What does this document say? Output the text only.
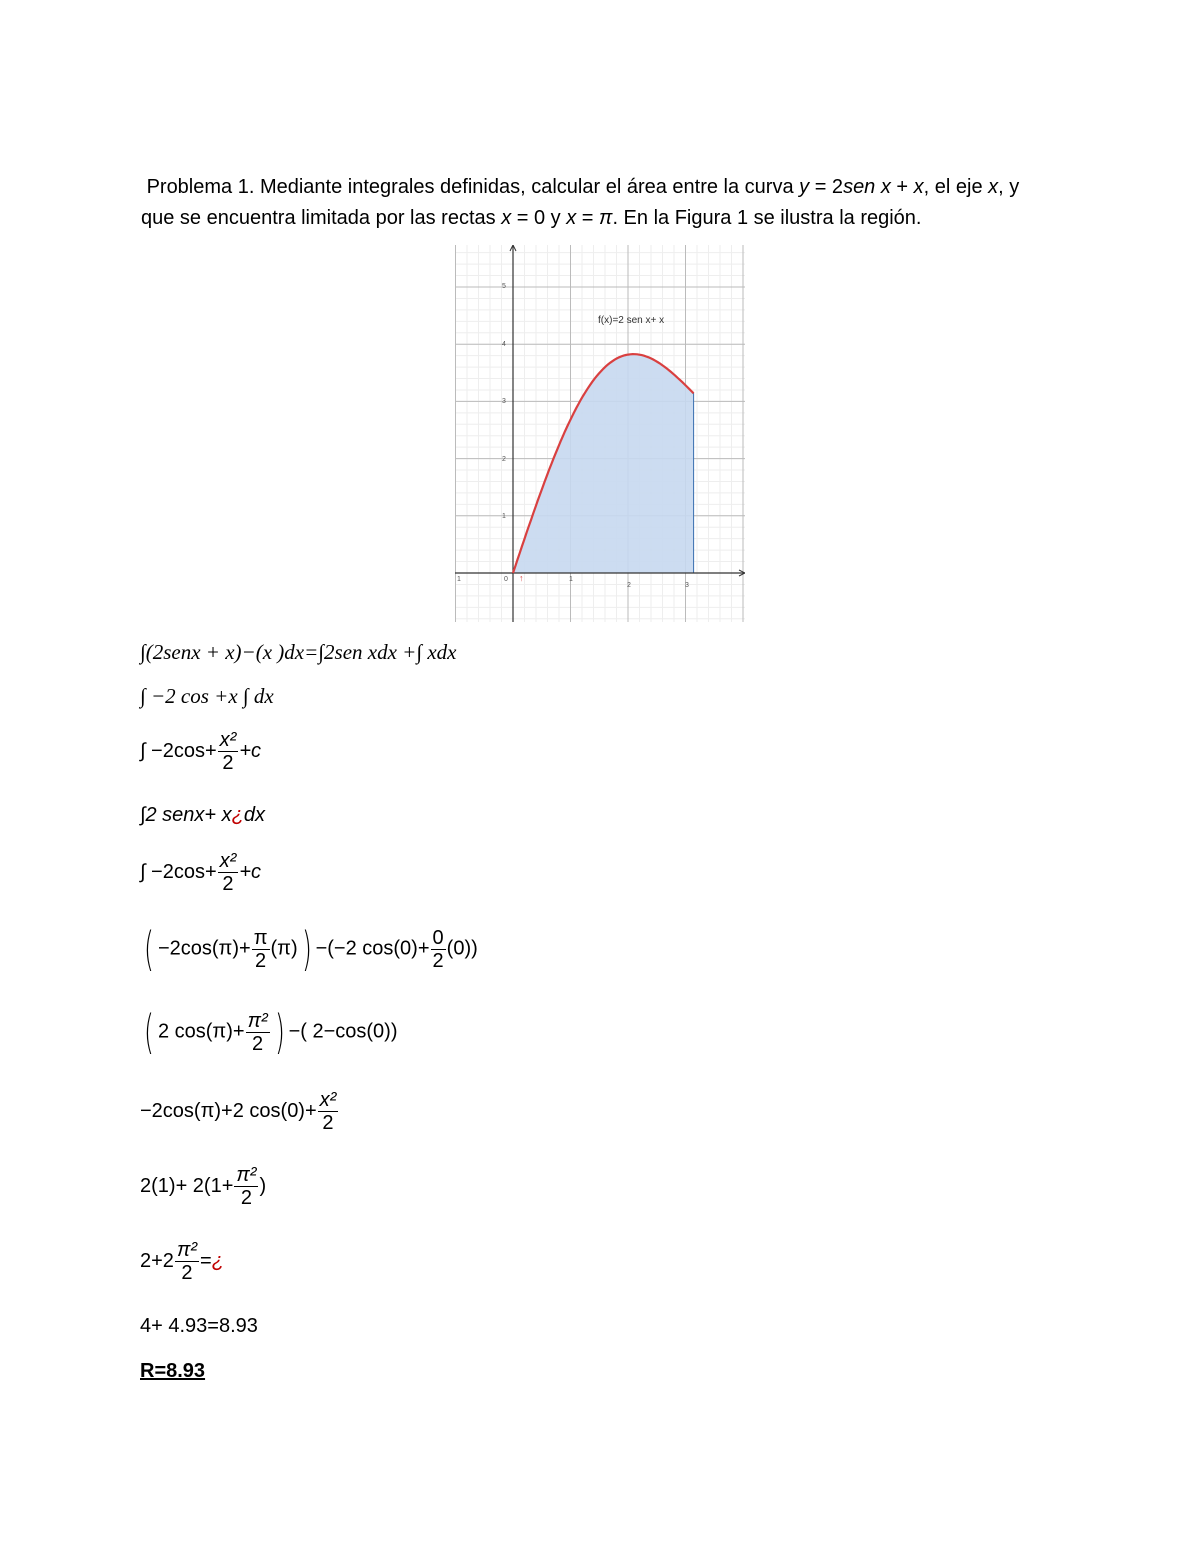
Problema 1. Mediante integrales definidas, calcular el área entre la curva y = 2sen x + x, el eje x, y
que se encuentra limitada por las rectas x = 0 y x = π. En la Figura 1 se ilustra la región.
f(x)=2 sen x+ x
1	0	1
2	3
1
2
3
4
5
↑
∫(2senx + x)−(x )dx=∫2sen xdx +∫ xdx
∫ −2 cos +x ∫ dx
∫ $-2\cos+ \frac{\text{x²}}{2} +c$
∫2 senx+ x¿dx
∫ $-2\cos+ \frac{\text{x²}}{2} +c$
( $-2\cos(\pi)+ \frac{\pi}{2} (\pi)) -(-2$ $\cos(0)+ \frac{0}{2} (0)$)
( 2 $\cos(\pi)+ \frac{\text{π²}}{2}$ ) −( 2−cos(0))
−2cos(π)+2 $\cos(0)+ \frac{\text{x²}}{2}$
$2(1)+ 2(1+ \frac{\text{π²}}{2}$ )
$2+2 \frac{\text{π²}}{2}$ =¿
4+ 4.93=8.93
R=8.93
